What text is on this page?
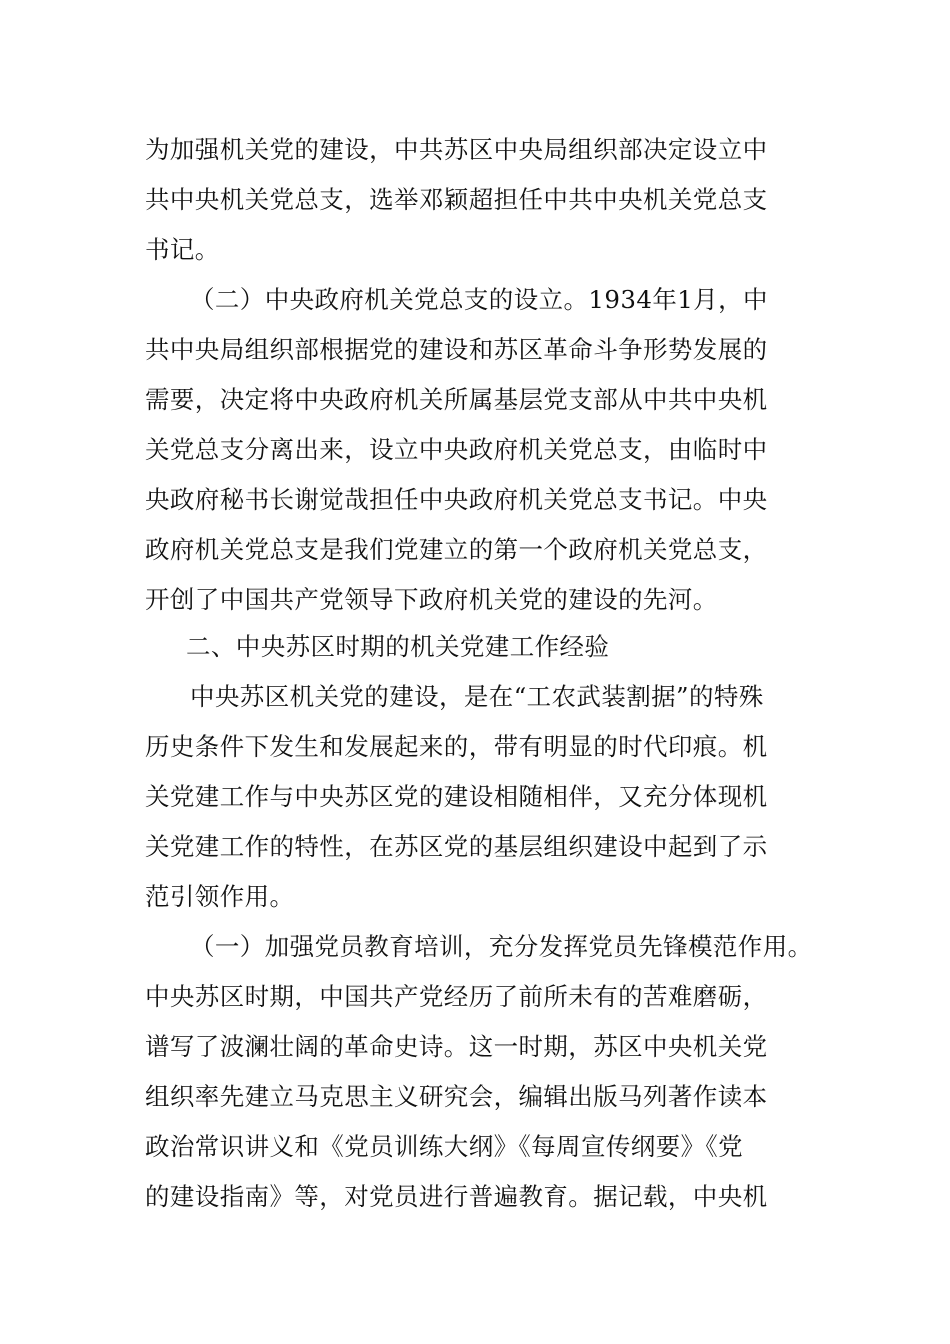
为加强机关党的建设，中共苏区中央局组织部决定设立中
共中央机关党总支，选举邓颖超担任中共中央机关党总支
书记。
（二）中央政府机关党总支的设立。1934年1月，中
共中央局组织部根据党的建设和苏区革命斗争形势发展的
需要，决定将中央政府机关所属基层党支部从中共中央机
关党总支分离出来，设立中央政府机关党总支，由临时中
央政府秘书长谢觉哉担任中央政府机关党总支书记。中央
政府机关党总支是我们党建立的第一个政府机关党总支，
开创了中国共产党领导下政府机关党的建设的先河。
二、中央苏区时期的机关党建工作经验
中央苏区机关党的建设，是在“工农武装割据”的特殊
历史条件下发生和发展起来的，带有明显的时代印痕。机
关党建工作与中央苏区党的建设相随相伴，又充分体现机
关党建工作的特性，在苏区党的基层组织建设中起到了示
范引领作用。
（一）加强党员教育培训，充分发挥党员先锋模范作用。
中央苏区时期，中国共产党经历了前所未有的苦难磨砺，
谱写了波澜壮阔的革命史诗。这一时期，苏区中央机关党
组织率先建立马克思主义研究会，编辑出版马列著作读本
政治常识讲义和《党员训练大纲》《每周宣传纲要》《党
的建设指南》等，对党员进行普遍教育。据记载，中央机
